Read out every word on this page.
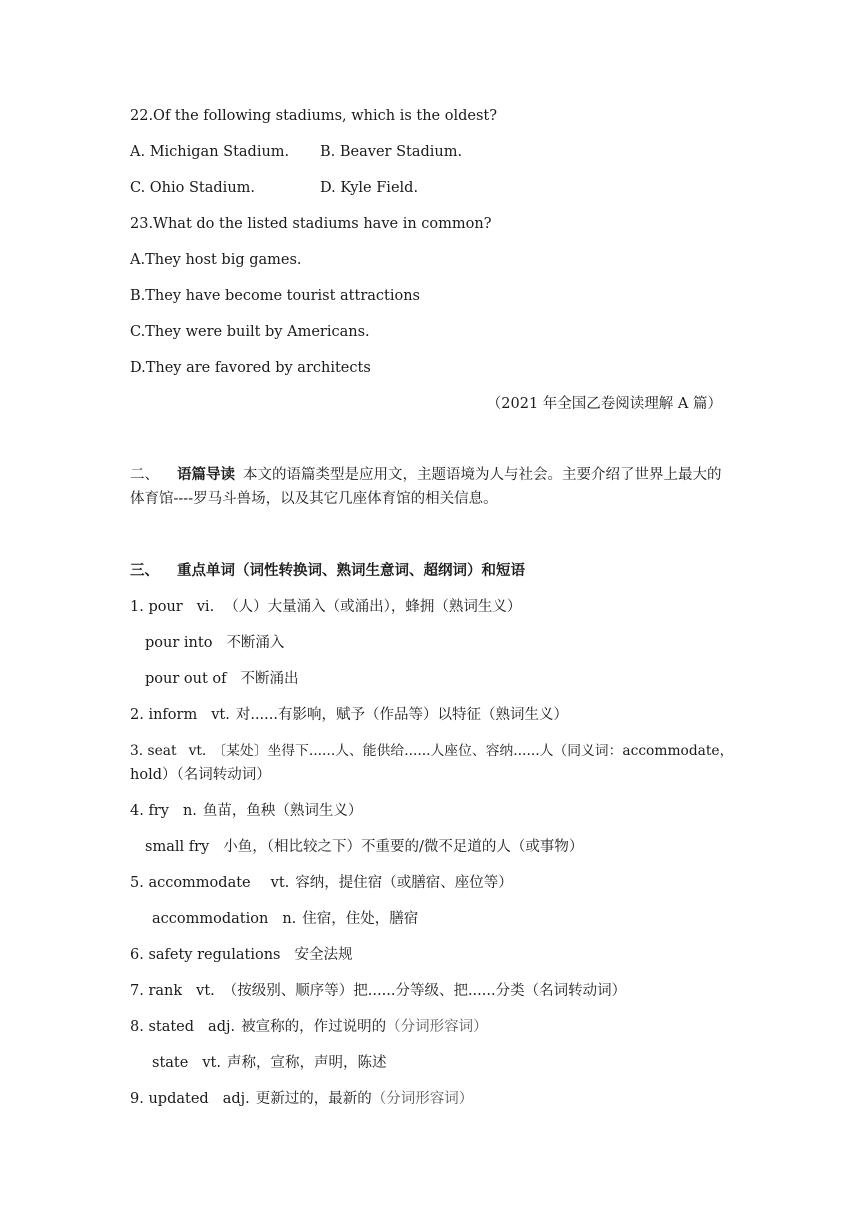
22.Of the following stadiums, which is the oldest?
A. Michigan Stadium. B. Beaver Stadium.
C. Ohio Stadium.	D. Kyle Field.
23.What do the listed stadiums have in common?
A.They host big games.
B.They have become tourist attractions
C.They were built by Americans.
D.They are favored by architects
（2021 年全国乙卷阅读理解 A 篇）
二、 语篇导读 本文的语篇类型是应用文，主题语境为人与社会。主要介绍了世界上最大的
体育馆----罗马斗兽场，以及其它几座体育馆的相关信息。
三、 重点单词（词性转换词、熟词生意词、超纲词）和短语
1. pour vi. （人）大量涌入（或涌出），蜂拥（熟词生义）
pour into 不断涌入
pour out of 不断涌出
2. inform vt. 对......有影响，赋予（作品等）以特征（熟词生义）
3. seat vt. 〔某处〕坐得下......人、能供给......人座位、容纳......人（同义词：accommodate，
hold）（名词转动词）
4. fry n. 鱼苗，鱼秧（熟词生义）
small fry 小鱼，（相比较之下）不重要的/微不足道的人（或事物）
5. accommodate vt. 容纳，提住宿（或膳宿、座位等）
accommodation n. 住宿，住处，膳宿
6. safety regulations 安全法规
7. rank vt. （按级别、顺序等）把......分等级、把......分类（名词转动词）
8. stated adj. 被宣称的，作过说明的（分词形容词）
state vt. 声称，宣称，声明，陈述
9. updated adj. 更新过的，最新的（分词形容词）
